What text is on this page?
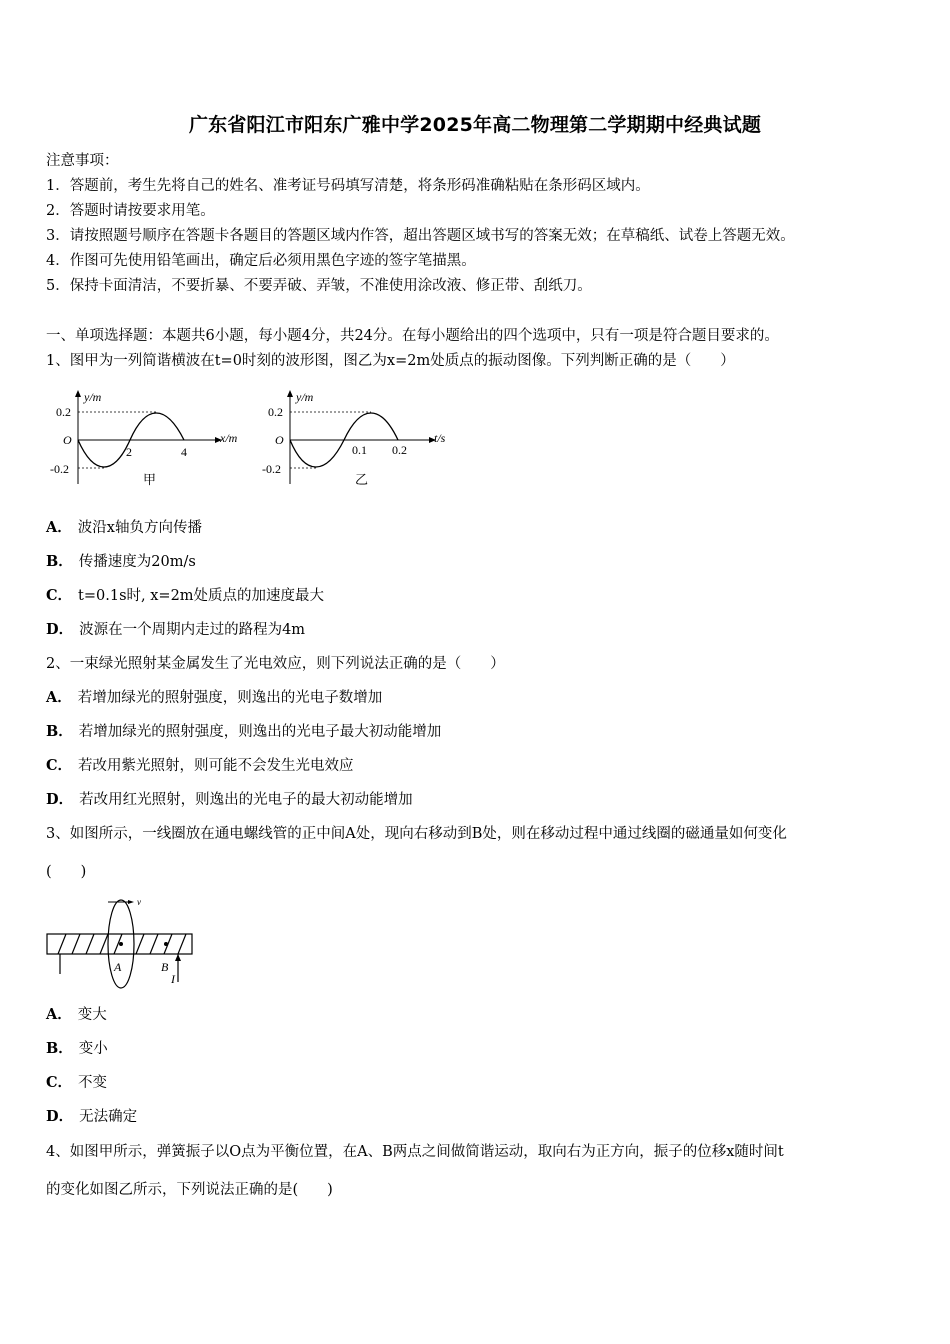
广东省阳江市阳东广雅中学2025年高二物理第二学期期中经典试题
注意事项：
1．答题前，考生先将自己的姓名、准考证号码填写清楚，将条形码准确粘贴在条形码区域内。
2．答题时请按要求用笔。
3．请按照题号顺序在答题卡各题目的答题区域内作答，超出答题区域书写的答案无效；在草稿纸、试卷上答题无效。
4．作图可先使用铅笔画出，确定后必须用黑色字迹的签字笔描黑。
5．保持卡面清洁，不要折暴、不要弄破、弄皱，不准使用涂改液、修正带、刮纸刀。
一、单项选择题：本题共6小题，每小题4分，共24分。在每小题给出的四个选项中，只有一项是符合题目要求的。
1、图甲为一列简谐横波在t=0时刻的波形图，图乙为x=2m处质点的振动图像。下列判断正确的是（　　）
y/m
x/m
O
0.2
-0.2
2	4
甲
y/m
t/s
O
0.2
-0.2
0.1 0.2
乙
A． 波沿x轴负方向传播
B． 传播速度为20m/s
C． t=0.1s时, x=2m处质点的加速度最大
D． 波源在一个周期内走过的路程为4m
2、一束绿光照射某金属发生了光电效应，则下列说法正确的是（　　）
A． 若增加绿光的照射强度，则逸出的光电子数增加
B． 若增加绿光的照射强度，则逸出的光电子最大初动能增加
C． 若改用紫光照射，则可能不会发生光电效应
D． 若改用红光照射，则逸出的光电子的最大初动能增加
3、如图所示，一线圈放在通电螺线管的正中间A处，现向右移动到B处，则在移动过程中通过线圈的磁通量如何变化
(　　)
v
A	B
I
A． 变大
B． 变小
C． 不变
D． 无法确定
4、如图甲所示，弹簧振子以O点为平衡位置，在A、B两点之间做简谐运动，取向右为正方向，振子的位移x随时间t
的变化如图乙所示，下列说法正确的是(　　)
